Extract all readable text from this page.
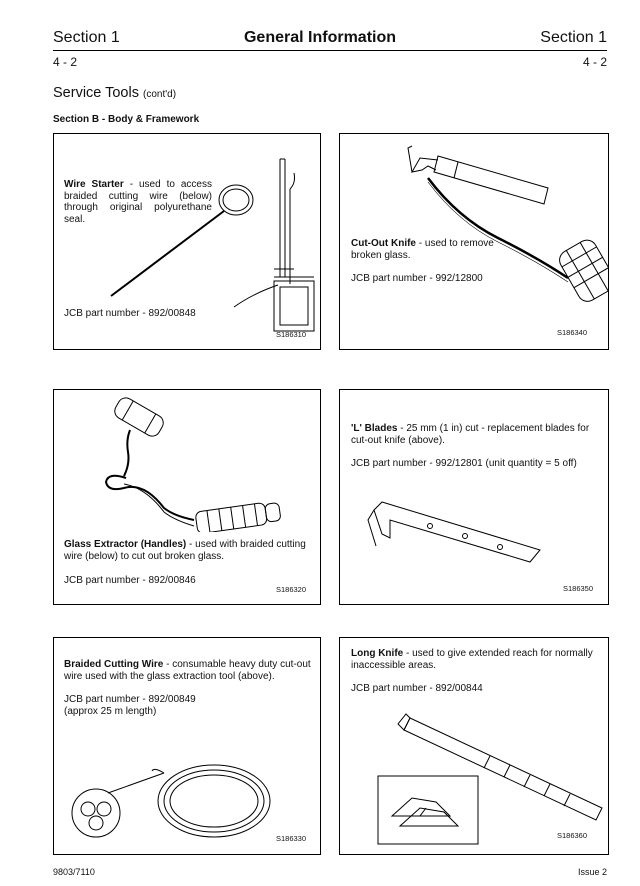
Section 1	General Information	Section 1
4 - 2	4 - 2
Service Tools (cont'd)
Section B - Body & Framework
Wire Starter - used to access braided cutting wire (below) through original polyurethane seal.
JCB part number - 892/00848
S186310
Cut-Out Knife - used to remove broken glass.
JCB part number - 992/12800
S186340
Glass Extractor (Handles) - used with braided cutting wire (below) to cut out broken glass.
JCB part number - 892/00846
S186320
'L' Blades - 25 mm (1 in) cut - replacement blades for cut-out knife (above).
JCB part number - 992/12801 (unit quantity = 5 off)
S186350
Braided Cutting Wire - consumable heavy duty cut-out wire used with the glass extraction tool (above).
JCB part number - 892/00849
(approx 25 m length)
S186330
Long Knife - used to give extended reach for normally inaccessible areas.
JCB part number - 892/00844
S186360
9803/7110	Issue 2
